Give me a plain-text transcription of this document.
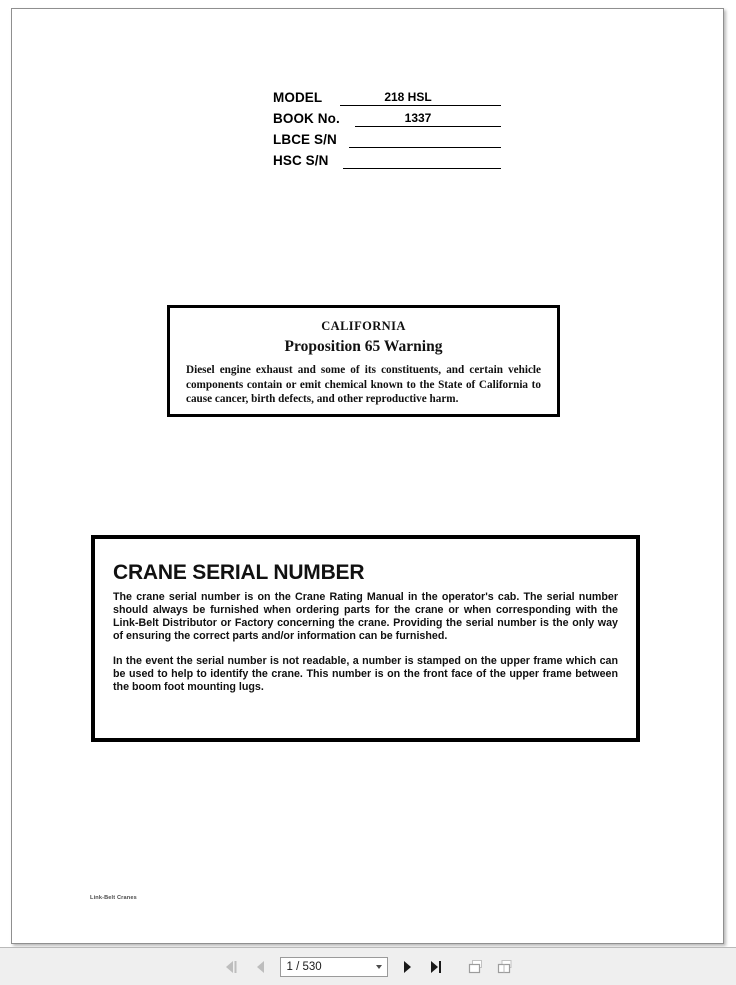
MODEL	218 HSL
BOOK No.	1337
LBCE S/N
HSC S/N
CALIFORNIA
Proposition 65 Warning

Diesel engine exhaust and some of its constituents, and certain vehicle components contain or emit chemical known to the State of California to cause cancer, birth defects, and other reproductive harm.

CRANE SERIAL NUMBER

The crane serial number is on the Crane Rating Manual in the operator's cab. The serial number should always be furnished when ordering parts for the crane or when corresponding with the Link-Belt Distributor or Factory concerning the crane. Providing the serial number is the only way of ensuring the correct parts and/or information can be furnished.

In the event the serial number is not readable, a number is stamped on the upper frame which can be used to help to identify the crane. This number is on the front face of the upper frame between the boom foot mounting lugs.

Link-Belt Cranes
1 / 530
